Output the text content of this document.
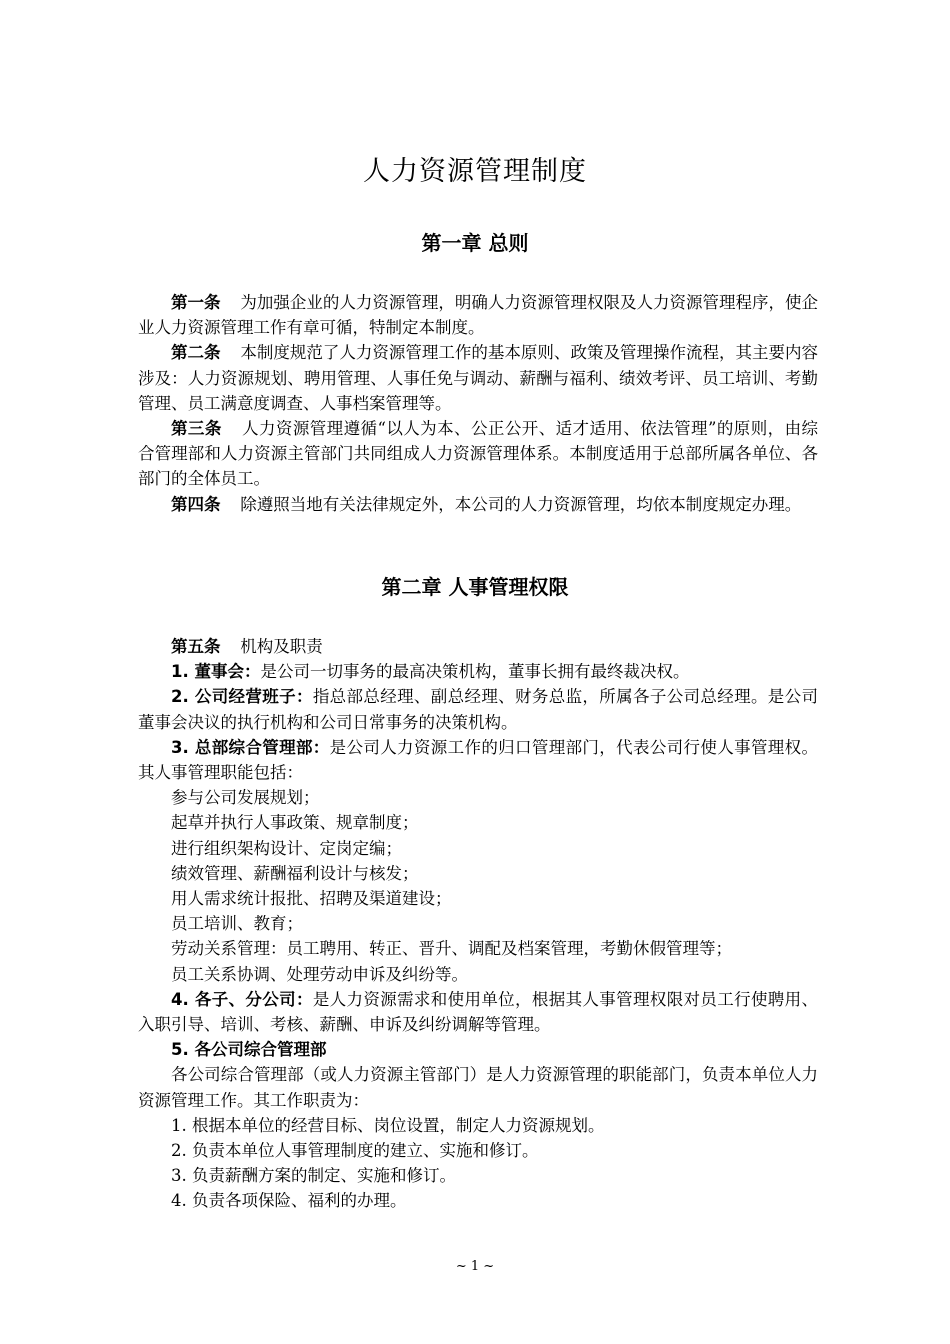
人力资源管理制度
第一章 总则

第一条 为加强企业的人力资源管理，明确人力资源管理权限及人力资源管理程序，使企业人力资源管理工作有章可循，特制定本制度。

第二条 本制度规范了人力资源管理工作的基本原则、政策及管理操作流程，其主要内容涉及：人力资源规划、聘用管理、人事任免与调动、薪酬与福利、绩效考评、员工培训、考勤管理、员工满意度调查、人事档案管理等。

第三条 人力资源管理遵循“以人为本、公正公开、适才适用、依法管理”的原则，由综合管理部和人力资源主管部门共同组成人力资源管理体系。本制度适用于总部所属各单位、各部门的全体员工。

第四条 除遵照当地有关法律规定外，本公司的人力资源管理，均依本制度规定办理。

第二章 人事管理权限

第五条 机构及职责

1. 董事会：是公司一切事务的最高决策机构，董事长拥有最终裁决权。

2. 公司经营班子：指总部总经理、副总经理、财务总监，所属各子公司总经理。是公司董事会决议的执行机构和公司日常事务的决策机构。

3. 总部综合管理部：是公司人力资源工作的归口管理部门，代表公司行使人事管理权。其人事管理职能包括：

参与公司发展规划；

起草并执行人事政策、规章制度；

进行组织架构设计、定岗定编；

绩效管理、薪酬福利设计与核发；

用人需求统计报批、招聘及渠道建设；

员工培训、教育；

劳动关系管理：员工聘用、转正、晋升、调配及档案管理，考勤休假管理等；

员工关系协调、处理劳动申诉及纠纷等。

4. 各子、分公司：是人力资源需求和使用单位，根据其人事管理权限对员工行使聘用、入职引导、培训、考核、薪酬、申诉及纠纷调解等管理。

5. 各公司综合管理部

各公司综合管理部（或人力资源主管部门）是人力资源管理的职能部门，负责本单位人力资源管理工作。其工作职责为：

1. 根据本单位的经营目标、岗位设置，制定人力资源规划。

2. 负责本单位人事管理制度的建立、实施和修订。

3. 负责薪酬方案的制定、实施和修订。

4. 负责各项保险、福利的办理。

~ 1 ~
